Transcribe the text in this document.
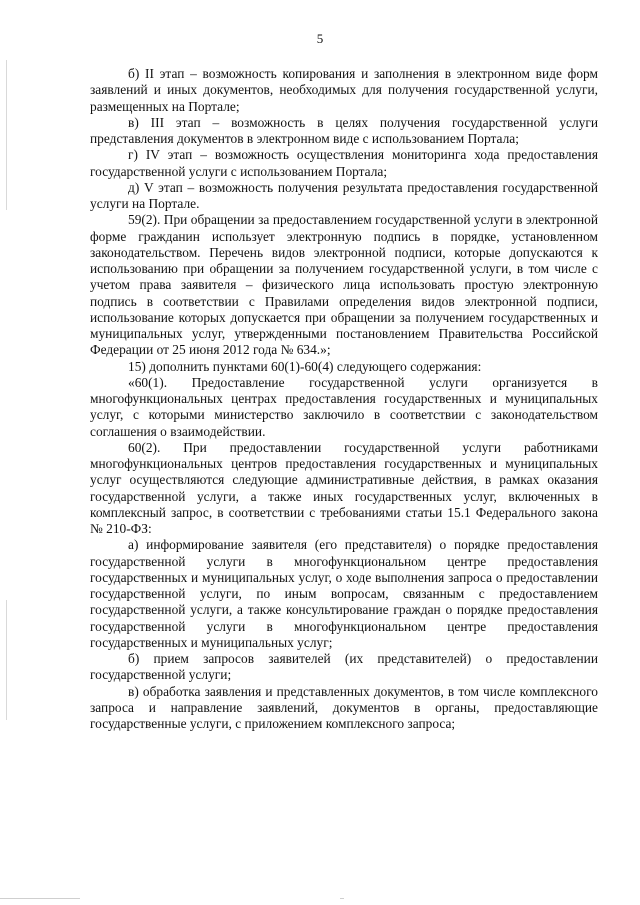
5

б) II этап – возможность копирования и заполнения в электронном виде форм заявлений и иных документов, необходимых для получения государственной услуги, размещенных на Портале;

в) III этап – возможность в целях получения государственной услуги представления документов в электронном виде с использованием Портала;

г) IV этап – возможность осуществления мониторинга хода предоставления государственной услуги с использованием Портала;

д) V этап – возможность получения результата предоставления государственной услуги на Портале.

59(2). При обращении за предоставлением государственной услуги в электронной форме гражданин использует электронную подпись в порядке, установленном законодательством. Перечень видов электронной подписи, которые допускаются к использованию при обращении за получением государственной услуги, в том числе с учетом права заявителя – физического лица использовать простую электронную подпись в соответствии с Правилами определения видов электронной подписи, использование которых допускается при обращении за получением государственных и муниципальных услуг, утвержденными постановлением Правительства Российской Федерации от 25 июня 2012 года № 634.»;

15) дополнить пунктами 60(1)-60(4) следующего содержания:

«60(1). Предоставление государственной услуги организуется в многофункциональных центрах предоставления государственных и муниципальных услуг, с которыми министерство заключило в соответствии с законодательством соглашения о взаимодействии.

60(2). При предоставлении государственной услуги работниками многофункциональных центров предоставления государственных и муниципальных услуг осуществляются следующие административные действия, в рамках оказания государственной услуги, а также иных государственных услуг, включенных в комплексный запрос, в соответствии с требованиями статьи 15.1 Федерального закона № 210-ФЗ:

а) информирование заявителя (его представителя) о порядке предоставления государственной услуги в многофункциональном центре предоставления государственных и муниципальных услуг, о ходе выполнения запроса о предоставлении государственной услуги, по иным вопросам, связанным с предоставлением государственной услуги, а также консультирование граждан о порядке предоставления государственной услуги в многофункциональном центре предоставления государственных и муниципальных услуг;

б) прием запросов заявителей (их представителей) о предоставлении государственной услуги;

в) обработка заявления и представленных документов, в том числе комплексного запроса и направление заявлений, документов в органы, предоставляющие государственные услуги, с приложением комплексного запроса;
